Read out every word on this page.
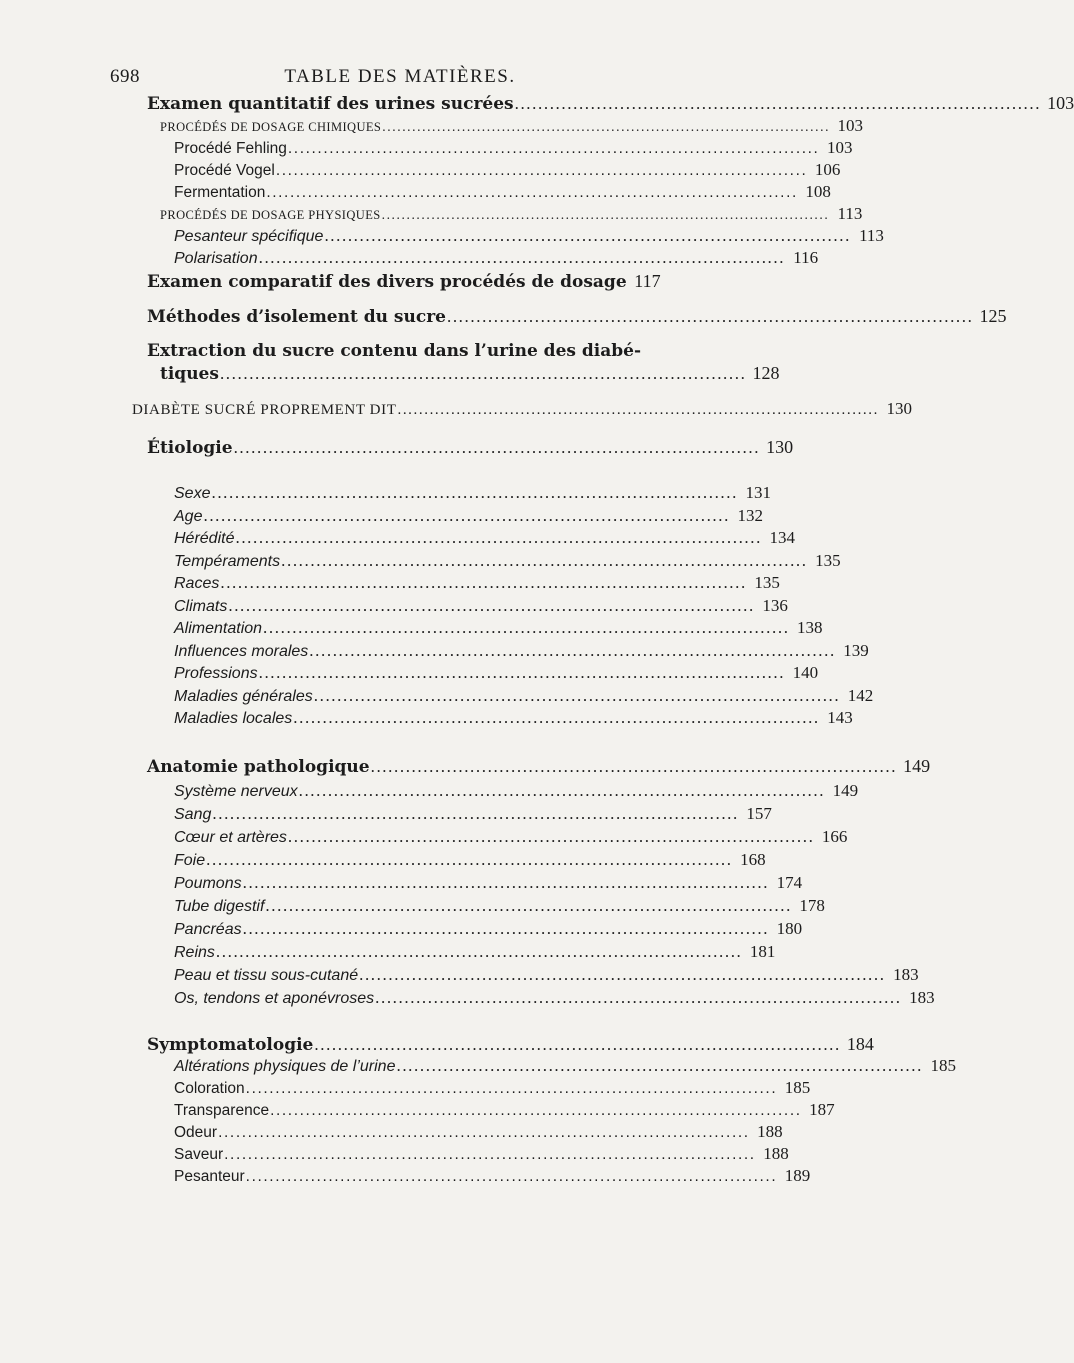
698	TABLE DES MATIÈRES.
Examen quantitatif des urines sucrées .......................................................................................... 103
PROCÉDÉS DE DOSAGE CHIMIQUES .......................................................................................... 103
Procédé Fehling .......................................................................................... 103
Procédé Vogel .......................................................................................... 106
Fermentation .......................................................................................... 108
PROCÉDÉS DE DOSAGE PHYSIQUES .......................................................................................... 113
Pesanteur spécifique .......................................................................................... 113
Polarisation .......................................................................................... 116
Examen comparatif des divers procédés de dosage 117
Méthodes d’isolement du sucre .......................................................................................... 125
Extraction du sucre contenu dans l’urine des diabé-
tiques .......................................................................................... 128
DIABÈTE SUCRÉ PROPREMENT DIT .......................................................................................... 130
Étiologie .......................................................................................... 130
Sexe .......................................................................................... 131
Age .......................................................................................... 132
Hérédité .......................................................................................... 134
Tempéraments .......................................................................................... 135
Races .......................................................................................... 135
Climats .......................................................................................... 136
Alimentation .......................................................................................... 138
Influences morales .......................................................................................... 139
Professions .......................................................................................... 140
Maladies générales .......................................................................................... 142
Maladies locales .......................................................................................... 143
Anatomie pathologique .......................................................................................... 149
Système nerveux .......................................................................................... 149
Sang .......................................................................................... 157
Cœur et artères .......................................................................................... 166
Foie .......................................................................................... 168
Poumons .......................................................................................... 174
Tube digestif .......................................................................................... 178
Pancréas .......................................................................................... 180
Reins .......................................................................................... 181
Peau et tissu sous-cutané .......................................................................................... 183
Os, tendons et aponévroses .......................................................................................... 183
Symptomatologie .......................................................................................... 184
Altérations physiques de l’urine .......................................................................................... 185
Coloration .......................................................................................... 185
Transparence .......................................................................................... 187
Odeur .......................................................................................... 188
Saveur .......................................................................................... 188
Pesanteur .......................................................................................... 189
